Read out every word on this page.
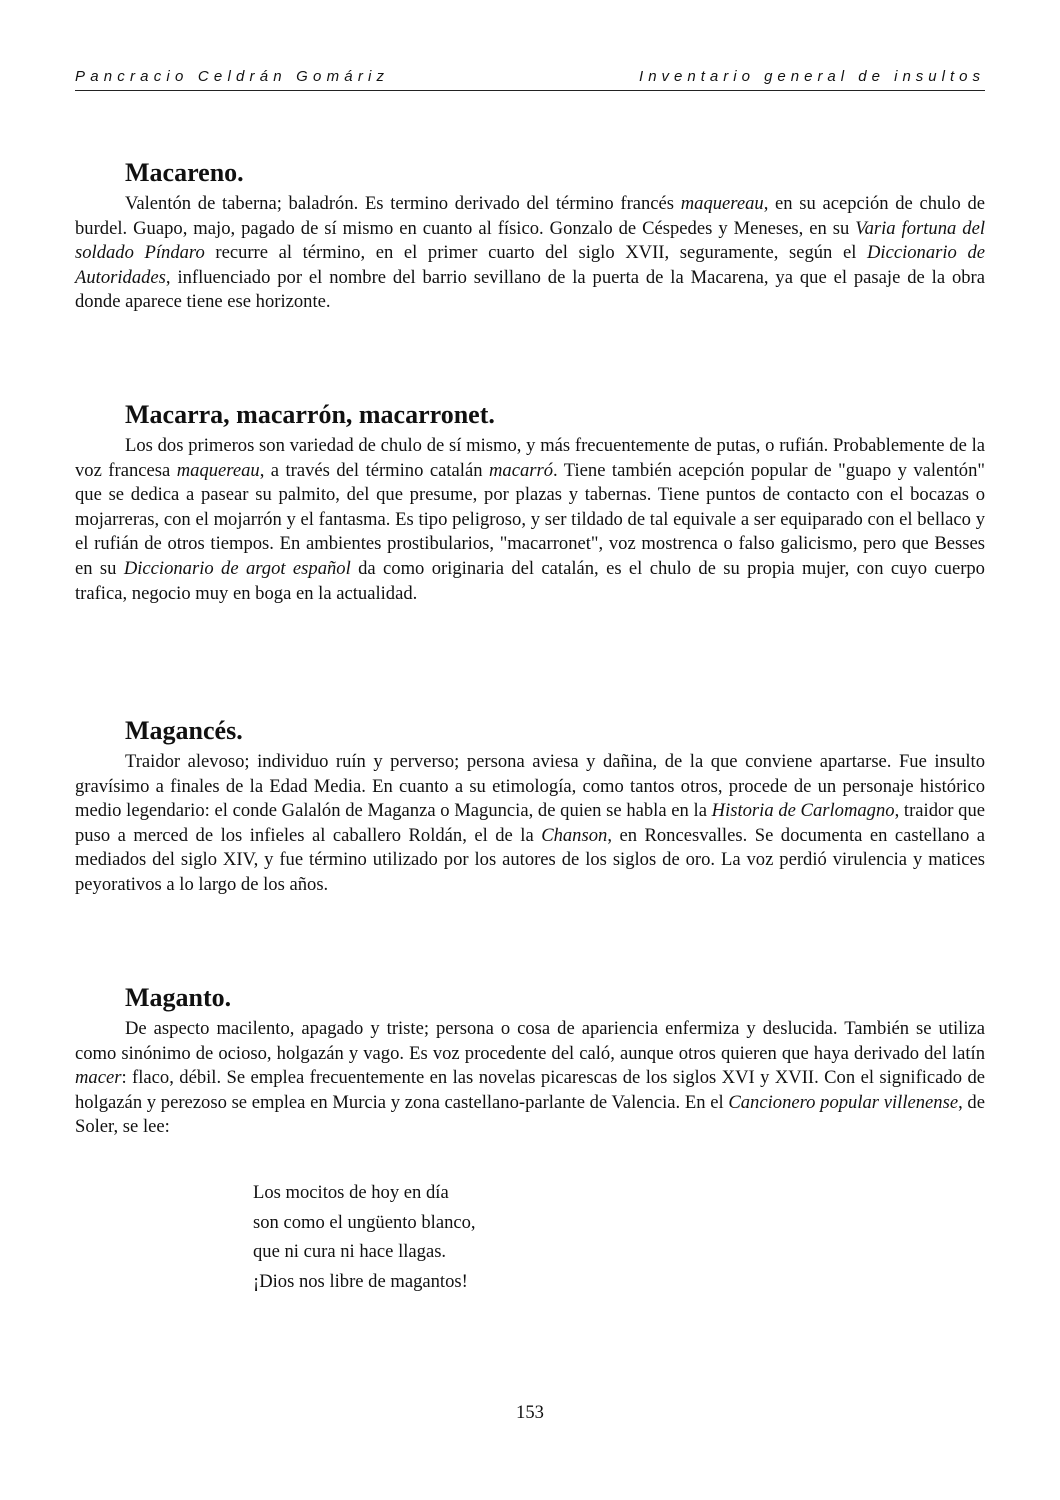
Pancracio Celdrán Gomáriz	Inventario general de insultos
Macareno.

Valentón de taberna; baladrón. Es termino derivado del término francés maquereau, en su acepción de chulo de burdel. Guapo, majo, pagado de sí mismo en cuanto al físico. Gonzalo de Céspedes y Meneses, en su Varia fortuna del soldado Píndaro recurre al término, en el primer cuarto del siglo XVII, seguramente, según el Diccionario de Autoridades, influenciado por el nombre del barrio sevillano de la puerta de la Macarena, ya que el pasaje de la obra donde aparece tiene ese horizonte.

Macarra, macarrón, macarronet.

Los dos primeros son variedad de chulo de sí mismo, y más frecuentemente de putas, o rufián. Probablemente de la voz francesa maquereau, a través del término catalán macarró. Tiene también acepción popular de "guapo y valentón" que se dedica a pasear su palmito, del que presume, por plazas y tabernas. Tiene puntos de contacto con el bocazas o mojarreras, con el mojarrón y el fantasma. Es tipo peligroso, y ser tildado de tal equivale a ser equiparado con el bellaco y el rufián de otros tiempos. En ambientes prostibularios, "macarronet", voz mostrenca o falso galicismo, pero que Besses en su Diccionario de argot español da como originaria del catalán, es el chulo de su propia mujer, con cuyo cuerpo trafica, negocio muy en boga en la actualidad.

Magancés.

Traidor alevoso; individuo ruín y perverso; persona aviesa y dañina, de la que conviene apartarse. Fue insulto gravísimo a finales de la Edad Media. En cuanto a su etimología, como tantos otros, procede de un personaje histórico medio legendario: el conde Galalón de Maganza o Maguncia, de quien se habla en la Historia de Carlomagno, traidor que puso a merced de los infieles al caballero Roldán, el de la Chanson, en Roncesvalles. Se documenta en castellano a mediados del siglo XIV, y fue término utilizado por los autores de los siglos de oro. La voz perdió virulencia y matices peyorativos a lo largo de los años.

Maganto.

De aspecto macilento, apagado y triste; persona o cosa de apariencia enfermiza y deslucida. También se utiliza como sinónimo de ocioso, holgazán y vago. Es voz procedente del caló, aunque otros quieren que haya derivado del latín macer: flaco, débil. Se emplea frecuentemente en las novelas picarescas de los siglos XVI y XVII. Con el significado de holgazán y perezoso se emplea en Murcia y zona castellano-parlante de Valencia. En el Cancionero popular villenense, de Soler, se lee:

Los mocitos de hoy en día
son como el ungüento blanco,
que ni cura ni hace llagas.
¡Dios nos libre de magantos!
153
